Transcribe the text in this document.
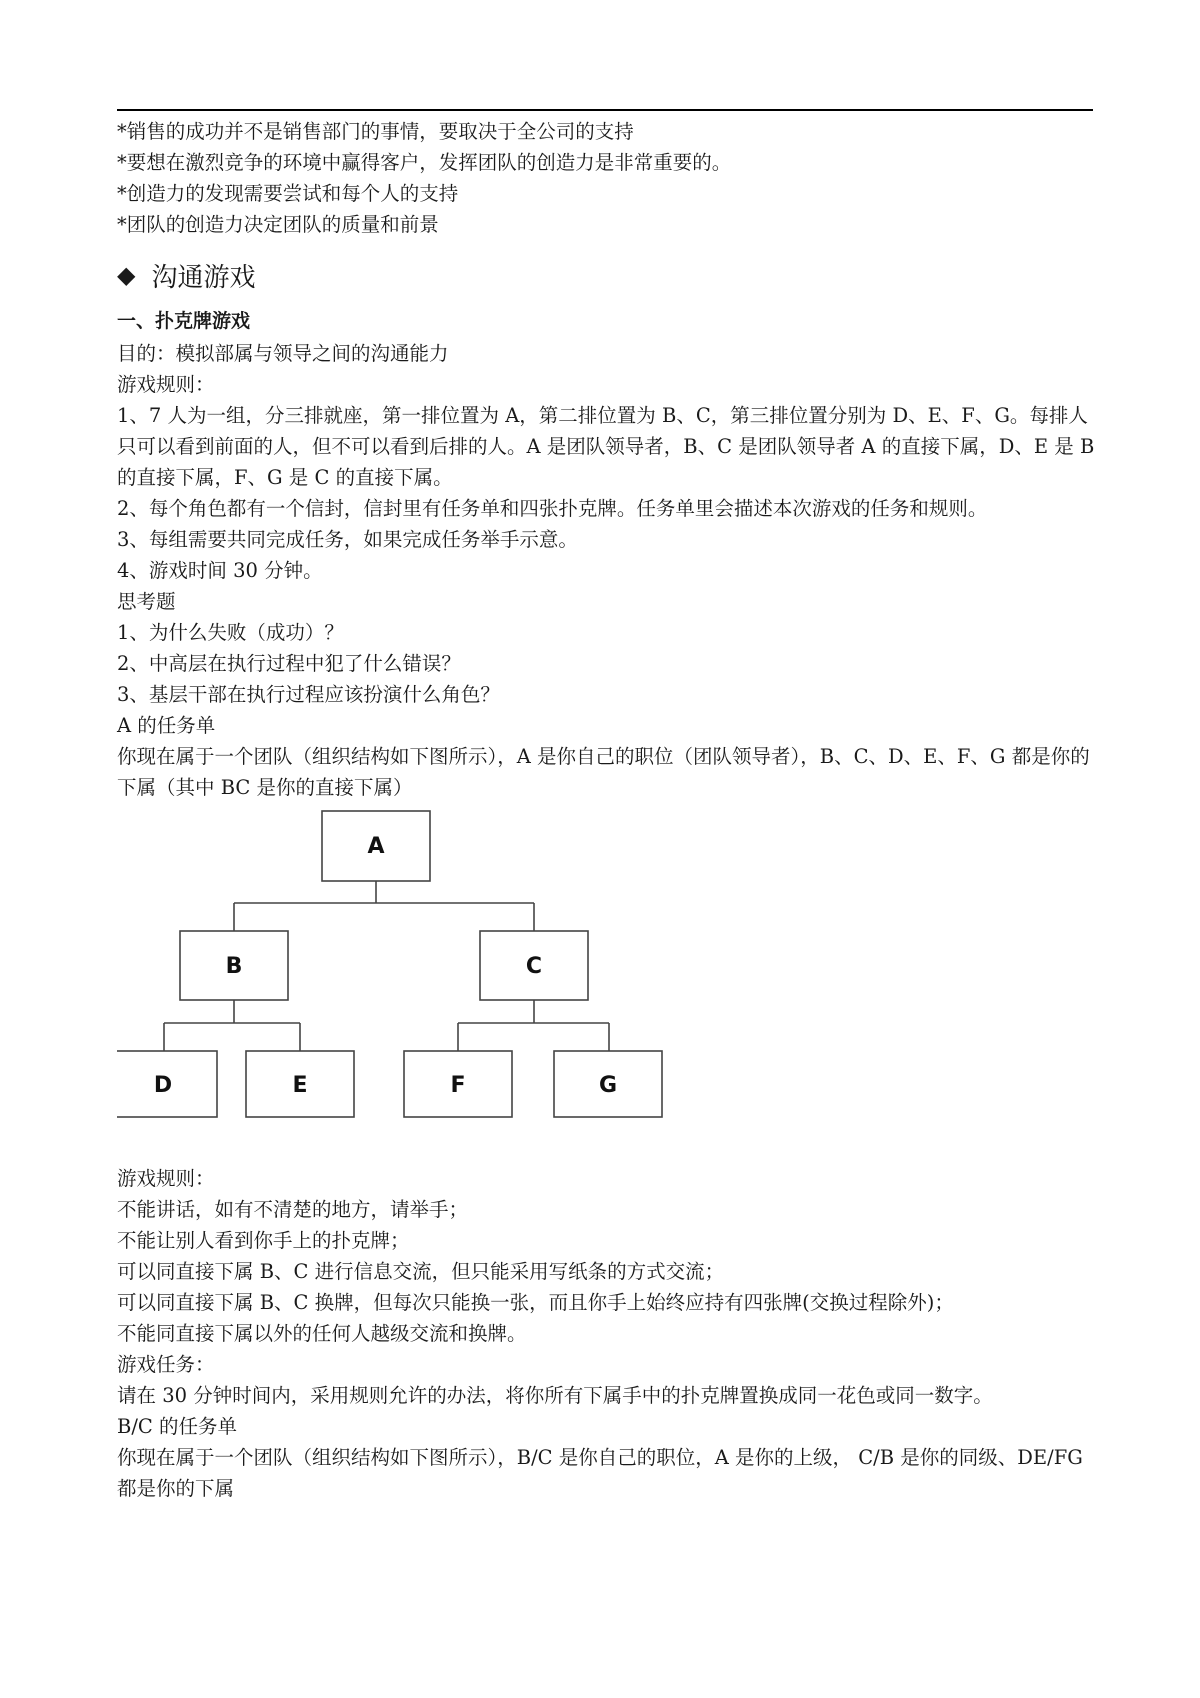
*销售的成功并不是销售部门的事情，要取决于全公司的支持

*要想在激烈竞争的环境中赢得客户，发挥团队的创造力是非常重要的。

*创造力的发现需要尝试和每个人的支持

*团队的创造力决定团队的质量和前景

◆ 沟通游戏
一、扑克牌游戏

目的：模拟部属与领导之间的沟通能力

游戏规则：

1、7 人为一组，分三排就座，第一排位置为 A，第二排位置为 B、C，第三排位置分别为 D、E、F、G。每排人只可以看到前面的人，但不可以看到后排的人。A 是团队领导者，B、C 是团队领导者 A 的直接下属，D、E 是 B 的直接下属，F、G 是 C 的直接下属。

2、每个角色都有一个信封，信封里有任务单和四张扑克牌。任务单里会描述本次游戏的任务和规则。

3、每组需要共同完成任务，如果完成任务举手示意。

4、游戏时间 30 分钟。

思考题

1、为什么失败（成功）？

2、中高层在执行过程中犯了什么错误？

3、基层干部在执行过程应该扮演什么角色？

A 的任务单

你现在属于一个团队（组织结构如下图所示），A 是你自己的职位（团队领导者），B、C、D、E、F、G 都是你的下属（其中 BC 是你的直接下属）

A
B	C
D	E	F	G

游戏规则：

不能讲话，如有不清楚的地方，请举手；

不能让别人看到你手上的扑克牌；

可以同直接下属 B、C 进行信息交流，但只能采用写纸条的方式交流；

可以同直接下属 B、C 换牌，但每次只能换一张，而且你手上始终应持有四张牌(交换过程除外)；

不能同直接下属以外的任何人越级交流和换牌。

游戏任务：

请在 30 分钟时间内，采用规则允许的办法，将你所有下属手中的扑克牌置换成同一花色或同一数字。

B/C 的任务单

你现在属于一个团队（组织结构如下图所示），B/C 是你自己的职位，A 是你的上级， C/B 是你的同级、DE/FG 都是你的下属
